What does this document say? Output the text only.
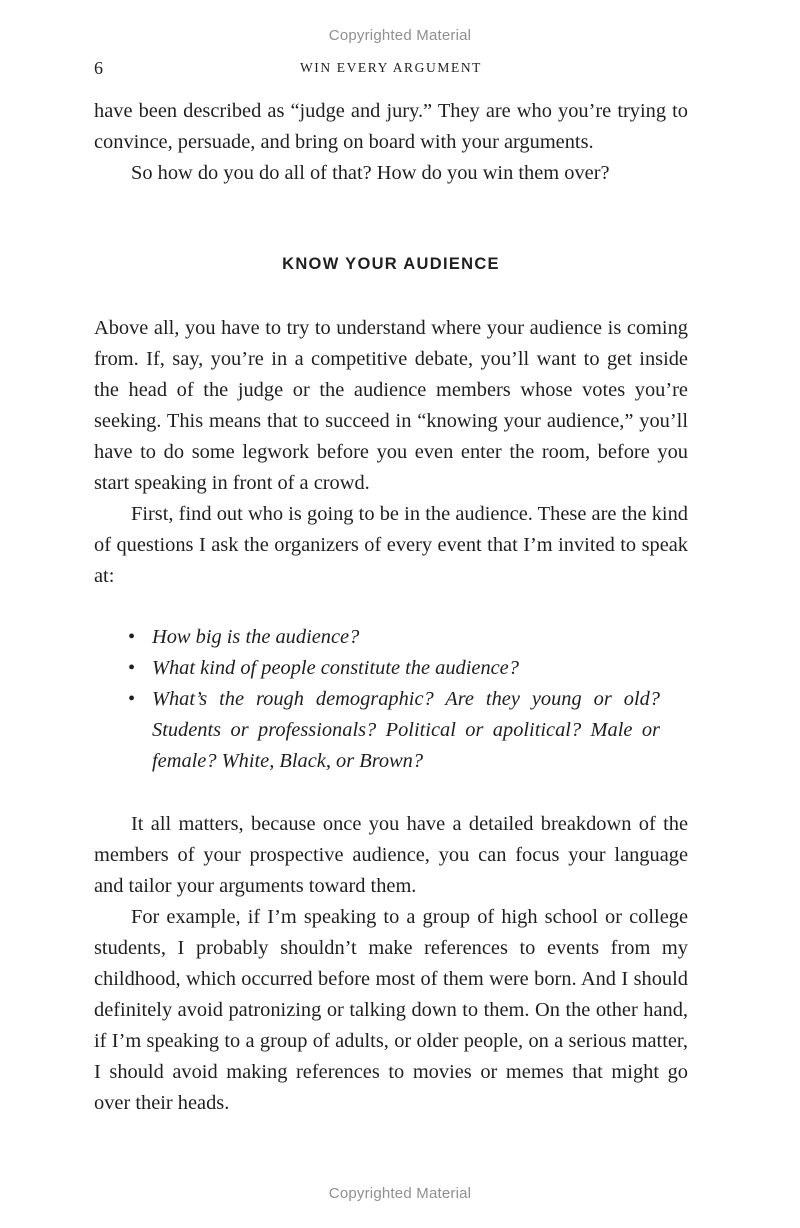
Copyrighted Material
6	WIN EVERY ARGUMENT

have been described as “judge and jury.” They are who you’re trying to convince, persuade, and bring on board with your arguments.

So how do you do all of that? How do you win them over?

KNOW YOUR AUDIENCE

Above all, you have to try to understand where your audience is coming from. If, say, you’re in a competitive debate, you’ll want to get inside the head of the judge or the audience members whose votes you’re seeking. This means that to succeed in “knowing your audience,” you’ll have to do some legwork before you even enter the room, before you start speaking in front of a crowd.

First, find out who is going to be in the audience. These are the kind of questions I ask the organizers of every event that I’m invited to speak at:

• How big is the audience?
• What kind of people constitute the audience?
• What’s the rough demographic? Are they young or old? Students or professionals? Political or apolitical? Male or female? White, Black, or Brown?

It all matters, because once you have a detailed breakdown of the members of your prospective audience, you can focus your language and tailor your arguments toward them.

For example, if I’m speaking to a group of high school or college students, I probably shouldn’t make references to events from my childhood, which occurred before most of them were born. And I should definitely avoid patronizing or talking down to them. On the other hand, if I’m speaking to a group of adults, or older people, on a serious matter, I should avoid making references to movies or memes that might go over their heads.

Copyrighted Material
